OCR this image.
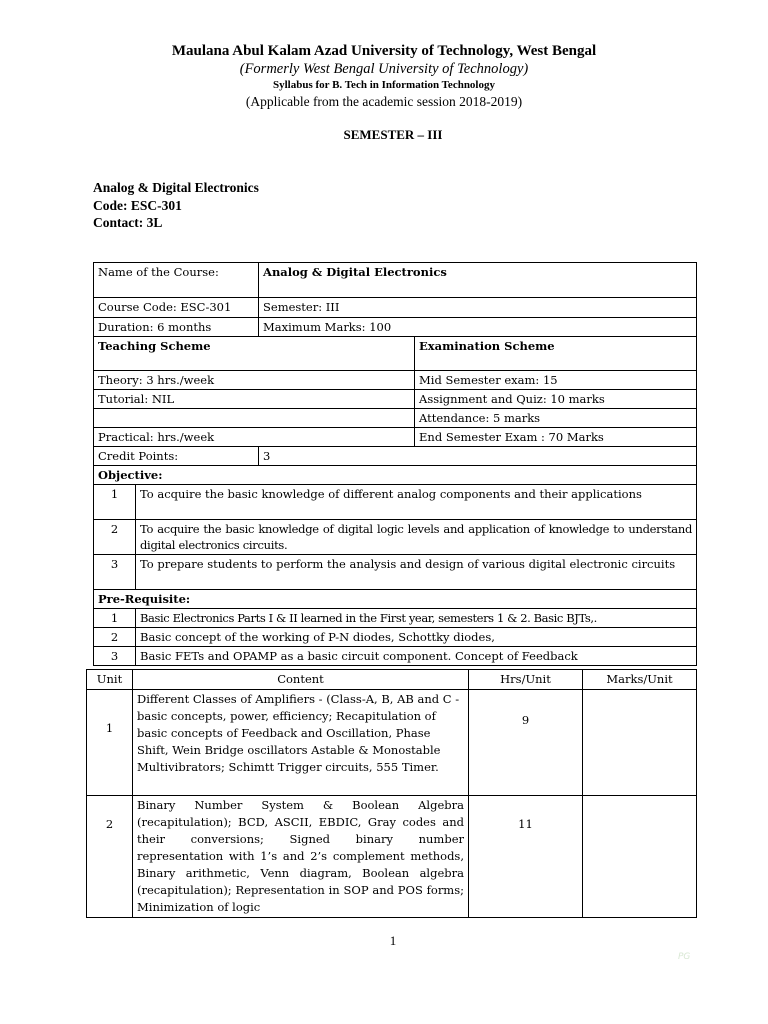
Maulana Abul Kalam Azad University of Technology, West Bengal
(Formerly West Bengal University of Technology)
Syllabus for B. Tech in Information Technology
(Applicable from the academic session 2018-2019)
SEMESTER – III
Analog & Digital Electronics
Code: ESC-301
Contact: 3L
Name of the Course:		Analog & Digital Electronics	
Course Code: ESC-301		Semester: III	
Duration: 6 months		Maximum Marks: 100	
Teaching Scheme			Examination Scheme
Theory: 3 hrs./week			Mid Semester exam: 15
Tutorial: NIL			Assignment and Quiz: 10 marks
			Attendance: 5 marks
Practical: hrs./week			End Semester Exam : 70 Marks
Credit Points:		3	
Objective:			
1	To acquire the basic knowledge of different analog components and their applications		
2	To acquire the basic knowledge of digital logic levels and application of knowledge to understand digital electronics circuits.		
3	To prepare students to perform the analysis and design of various digital electronic circuits		
Pre-Requisite:			
1	Basic Electronics Parts I & II learned in the First year, semesters 1 & 2. Basic BJTs,.		
2	Basic concept of the working of P-N diodes, Schottky diodes,		
3	Basic FETs and OPAMP as a basic circuit component. Concept of Feedback		
Unit	Content	Hrs/Unit	Marks/Unit
1	Different Classes of Amplifiers - (Class-A, B, AB and C - basic concepts, power, efficiency; Recapitulation of basic concepts of Feedback and Oscillation, Phase Shift, Wein Bridge oscillators Astable & Monostable Multivibrators; Schimtt Trigger circuits, 555 Timer.	9	
2	Binary Number System & Boolean Algebra (recapitulation); BCD, ASCII, EBDIC, Gray codes and their conversions; Signed binary number representation with 1’s and 2’s complement methods, Binary arithmetic, Venn diagram, Boolean algebra (recapitulation); Representation in SOP and POS forms; Minimization of logic	11	
1
PG
